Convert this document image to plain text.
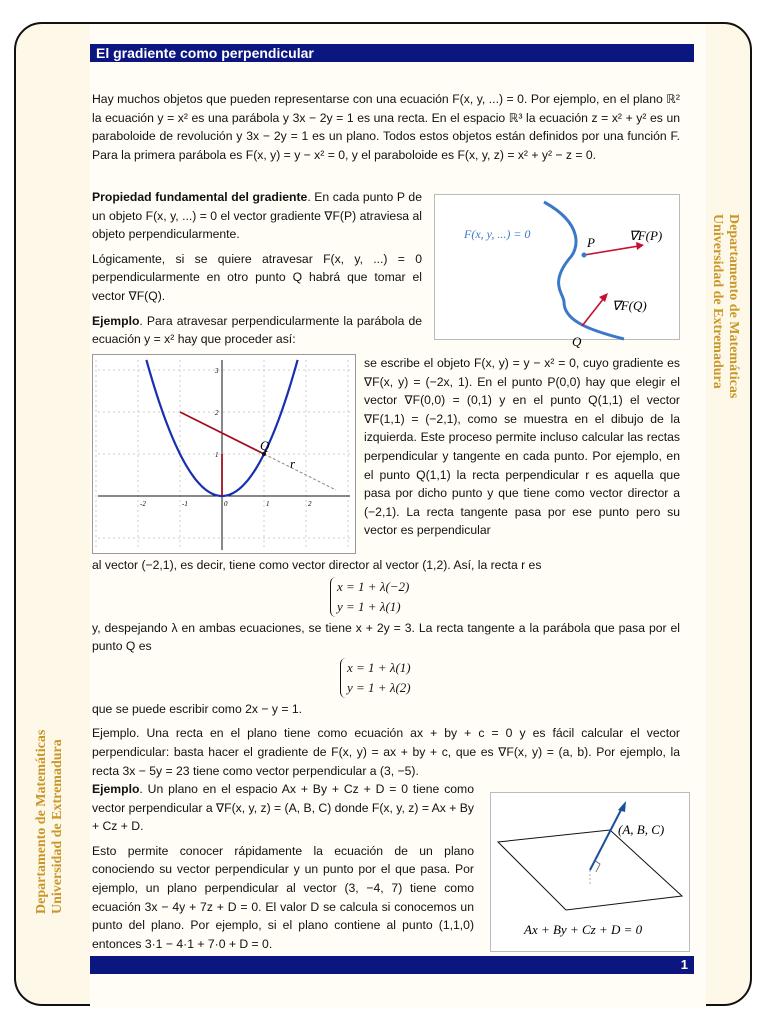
El gradiente como perpendicular
Departamento de Matemáticas
Universidad de Extremadura
Departamento de Matemáticas Universidad de Extremadura

Hay muchos objetos que pueden representarse con una ecuación F(x, y, ...) = 0. Por ejemplo, en el plano ℝ² la ecuación y = x² es una parábola y 3x − 2y = 1 es una recta. En el espacio ℝ³ la ecuación z = x² + y² es un paraboloide de revolución y 3x − 2y = 1 es un plano. Todos estos objetos están definidos por una función F. Para la primera parábola es F(x, y) = y − x² = 0, y el paraboloide es F(x, y, z) = x² + y² − z = 0.

Propiedad fundamental del gradiente. En cada punto P de un objeto F(x, y, ...) = 0 el vector gradiente ∇F(P) atraviesa al objeto perpendicularmente.

Lógicamente, si se quiere atravesar F(x, y, ...) = 0 perpendicularmente en otro punto Q habrá que tomar el vector ∇F(Q).

Ejemplo. Para atravesar perpendicularmente la parábola de ecuación y = x² hay que proceder así:

F(x, y, ...) = 0
P	∇F(P)
Q
∇F(Q)
-2	-1	0	1	2
1
2
3
Q
r

se escribe el objeto F(x, y) = y − x² = 0, cuyo gradiente es ∇F(x, y) = (−2x, 1). En el punto P(0,0) hay que elegir el vector ∇F(0,0) = (0,1) y en el punto Q(1,1) el vector ∇F(1,1) = (−2,1), como se muestra en el dibujo de la izquierda. Este proceso permite incluso calcular las rectas perpendicular y tangente en cada punto. Por ejemplo, en el punto Q(1,1) la recta perpendicular r es aquella que pasa por dicho punto y que tiene como vector director a (−2,1). La recta tangente pasa por ese punto pero su vector es perpendicular

al vector (−2,1), es decir, tiene como vector director al vector (1,2). Así, la recta r es

x = 1 + λ(−2)
y = 1 + λ(1)

y, despejando λ en ambas ecuaciones, se tiene x + 2y = 3. La recta tangente a la parábola que pasa por el punto Q es

x = 1 + λ(1)
y = 1 + λ(2)

que se puede escribir como 2x − y = 1.

Ejemplo. Una recta en el plano tiene como ecuación ax + by + c = 0 y es fácil calcular el vector perpendicular: basta hacer el gradiente de F(x, y) = ax + by + c, que es ∇F(x, y) = (a, b). Por ejemplo, la recta 3x − 5y = 23 tiene como vector perpendicular a (3, −5).

Ejemplo. Un plano en el espacio Ax + By + Cz + D = 0 tiene como vector perpendicular a ∇F(x, y, z) = (A, B, C) donde F(x, y, z) = Ax + By + Cz + D.

Esto permite conocer rápidamente la ecuación de un plano conociendo su vector perpendicular y un punto por el que pasa. Por ejemplo, un plano perpendicular al vector (3, −4, 7) tiene como ecuación 3x − 4y + 7z + D = 0. El valor D se calcula si conocemos un punto del plano. Por ejemplo, si el plano contiene al punto (1,1,0) entonces 3·1 − 4·1 + 7·0 + D = 0.

(A, B, C)
Ax + By + Cz + D = 0
1
